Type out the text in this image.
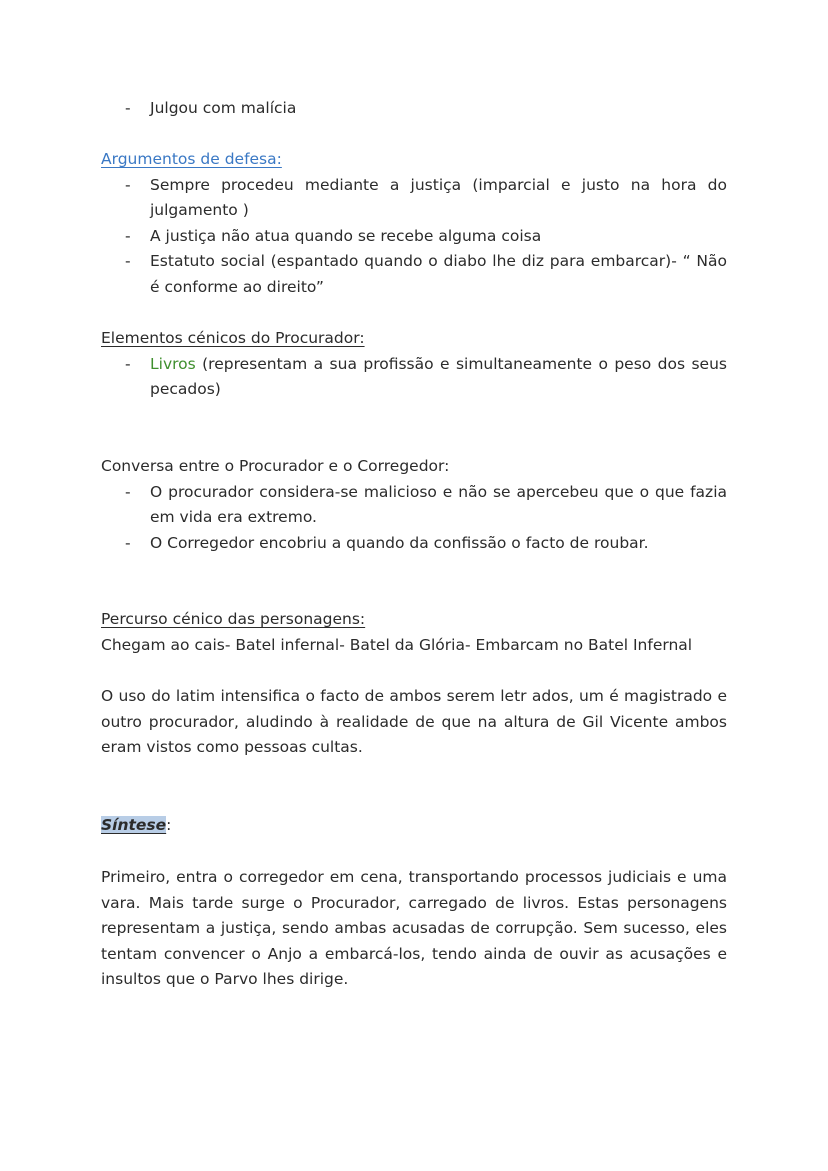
- Julgou com malícia
Argumentos de defesa:
- Sempre procedeu mediante a justiça (imparcial e justo na hora do julgamento )
- A justiça não atua quando se recebe alguma coisa
- Estatuto social (espantado quando o diabo lhe diz para embarcar)- “ Não é conforme ao direito”
Elementos cénicos do Procurador:
- Livros (representam a sua profissão e simultaneamente o peso dos seus pecados)
Conversa entre o Procurador e o Corregedor:
- O procurador considera-se malicioso e não se apercebeu que o que fazia em vida era extremo.
- O Corregedor encobriu a quando da confissão o facto de roubar.
Percurso cénico das personagens:
Chegam ao cais- Batel infernal- Batel da Glória- Embarcam no Batel Infernal
O uso do latim intensifica o facto de ambos serem letr ados, um é magistrado e outro procurador, aludindo à realidade de que na altura de Gil Vicente ambos eram vistos como pessoas cultas.
Síntese:
Primeiro, entra o corregedor em cena, transportando processos judiciais e uma vara. Mais tarde surge o Procurador, carregado de livros. Estas personagens representam a justiça, sendo ambas acusadas de corrupção. Sem sucesso, eles tentam convencer o Anjo a embarcá-los, tendo ainda de ouvir as acusações e insultos que o Parvo lhes dirige.
